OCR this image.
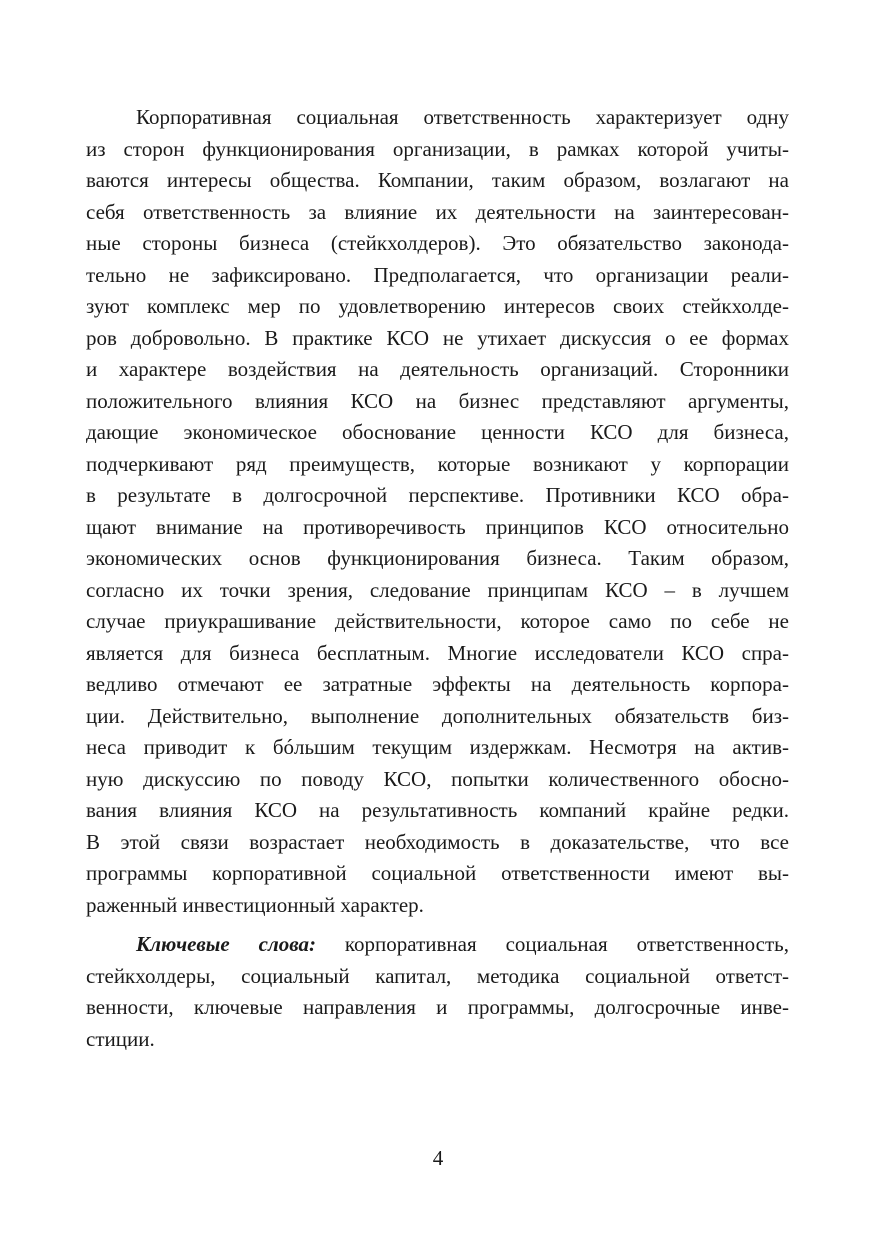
Корпоративная социальная ответственность характеризует одну
из сторон функционирования организации, в рамках которой учиты-
ваются интересы общества. Компании, таким образом, возлагают на
себя ответственность за влияние их деятельности на заинтересован-
ные стороны бизнеса (стейкхолдеров). Это обязательство законода-
тельно не зафиксировано. Предполагается, что организации реали-
зуют комплекс мер по удовлетворению интересов своих стейкхолде-
ров добровольно. В практике КСО не утихает дискуссия о ее формах
и характере воздействия на деятельность организаций. Сторонники
положительного влияния КСО на бизнес представляют аргументы,
дающие экономическое обоснование ценности КСО для бизнеса,
подчеркивают ряд преимуществ, которые возникают у корпорации
в результате в долгосрочной перспективе. Противники КСО обра-
щают внимание на противоречивость принципов КСО относительно
экономических основ функционирования бизнеса. Таким образом,
согласно их точки зрения, следование принципам КСО – в лучшем
случае приукрашивание действительности, которое само по себе не
является для бизнеса бесплатным. Многие исследователи КСО спра-
ведливо отмечают ее затратные эффекты на деятельность корпора-
ции. Действительно, выполнение дополнительных обязательств биз-
неса приводит к бóльшим текущим издержкам. Несмотря на актив-
ную дискуссию по поводу КСО, попытки количественного обосно-
вания влияния КСО на результативность компаний крайне редки.
В этой связи возрастает необходимость в доказательстве, что все
программы корпоративной социальной ответственности имеют вы-
раженный инвестиционный характер.
Ключевые слова: корпоративная социальная ответственность,
стейкхолдеры, социальный капитал, методика социальной ответст-
венности, ключевые направления и программы, долгосрочные инве-
стиции.
4
